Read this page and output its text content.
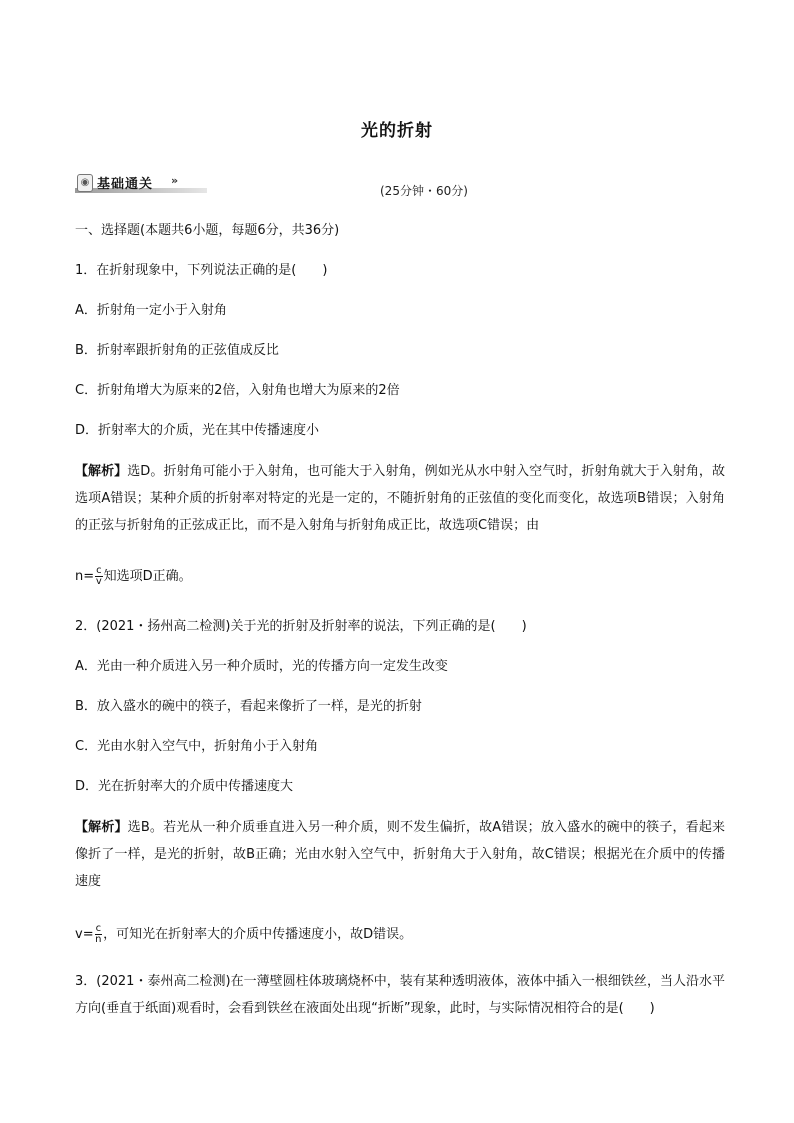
光的折射
◉ 基础通关 »
(25分钟・60分)
一、选择题(本题共6小题，每题6分，共36分)
1．在折射现象中，下列说法正确的是(　　)
A．折射角一定小于入射角
B．折射率跟折射角的正弦值成反比
C．折射角增大为原来的2倍，入射角也增大为原来的2倍
D．折射率大的介质，光在其中传播速度小
【解析】选D。折射角可能小于入射角，也可能大于入射角，例如光从水中射入空气时，折射角就大于入射角，故选项A错误；某种介质的折射率对特定的光是一定的，不随折射角的正弦值的变化而变化，故选项B错误；入射角的正弦与折射角的正弦成正比，而不是入射角与折射角成正比，故选项C错误；由
$n= \frac{c}{v}$ 知选项D正确。
2．(2021・扬州高二检测)关于光的折射及折射率的说法，下列正确的是(　　)
A．光由一种介质进入另一种介质时，光的传播方向一定发生改变
B．放入盛水的碗中的筷子，看起来像折了一样，是光的折射
C．光由水射入空气中，折射角小于入射角
D．光在折射率大的介质中传播速度大
【解析】选B。若光从一种介质垂直进入另一种介质，则不发生偏折，故A错误；放入盛水的碗中的筷子，看起来像折了一样，是光的折射，故B正确；光由水射入空气中，折射角大于入射角，故C错误；根据光在介质中的传播速度
$v= \frac{c}{n}$ ，可知光在折射率大的介质中传播速度小，故D错误。
3．(2021・泰州高二检测)在一薄壁圆柱体玻璃烧杯中，装有某种透明液体，液体中插入一根细铁丝，当人沿水平方向(垂直于纸面)观看时，会看到铁丝在液面处出现“折断”现象，此时，与实际情况相符合的是(　　)
